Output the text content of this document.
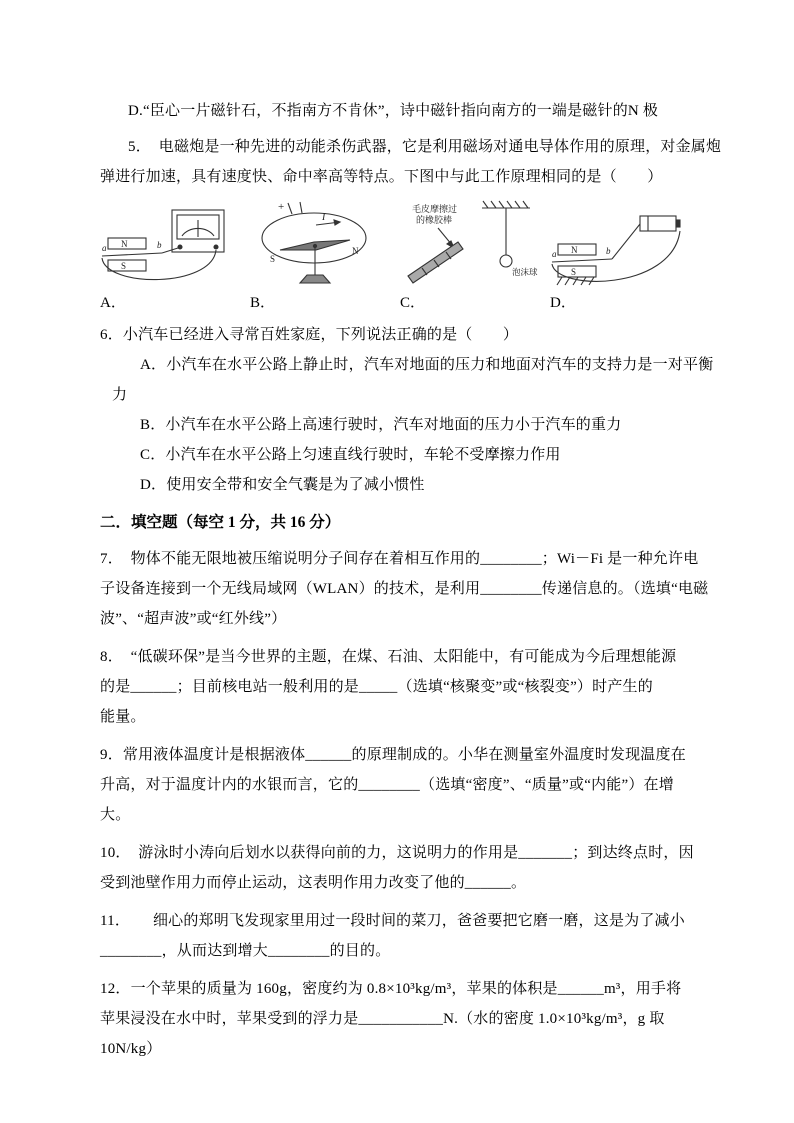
D.“臣心一片磁针石，不指南方不肯休”，诗中磁针指向南方的一端是磁针的N 极
5．  电磁炮是一种先进的动能杀伤武器，它是利用磁场对通电导体作用的原理，对金属炮
弹进行加速，具有速度快、命中率高等特点。下图中与此工作原理相同的是（　　）
N
S
a	b
A．
+
I
S
N
B．
毛皮摩擦过
的橡胶棒
泡沫球
C．
N
S
a	b
D．
6．小汽车已经进入寻常百姓家庭，下列说法正确的是（　　）
A．小汽车在水平公路上静止时，汽车对地面的压力和地面对汽车的支持力是一对平衡
力
B．小汽车在水平公路上高速行驶时，汽车对地面的压力小于汽车的重力
C．小汽车在水平公路上匀速直线行驶时，车轮不受摩擦力作用
D．使用安全带和安全气囊是为了减小惯性
二．填空题（每空 1 分，共 16 分）
7．　物体不能无限地被压缩说明分子间存在着相互作用的________；Wi－Fi 是一种允许电
子设备连接到一个无线局域网（WLAN）的技术，是利用________传递信息的。（选填“电磁
波”、“超声波”或“红外线”）
8．　“低碳环保”是当今世界的主题，在煤、石油、太阳能中，有可能成为今后理想能源
的是______；目前核电站一般利用的是_____（选填“核聚变”或“核裂变”）时产生的
能量。
9．常用液体温度计是根据液体______的原理制成的。小华在测量室外温度时发现温度在
升高，对于温度计内的水银而言，它的________（选填“密度”、“质量”或“内能”）在增
大。
10．　游泳时小涛向后划水以获得向前的力，这说明力的作用是_______；到达终点时，因
受到池壁作用力而停止运动，这表明作用力改变了他的______。
11．　　细心的郑明飞发现家里用过一段时间的菜刀，爸爸要把它磨一磨，这是为了减小
________，从而达到增大________的目的。
12．一个苹果的质量为 160g，密度约为 0.8×10³kg/m³，苹果的体积是______m³，用手将
苹果浸没在水中时，苹果受到的浮力是___________N.（水的密度 1.0×10³kg/m³，g 取
10N/kg）
